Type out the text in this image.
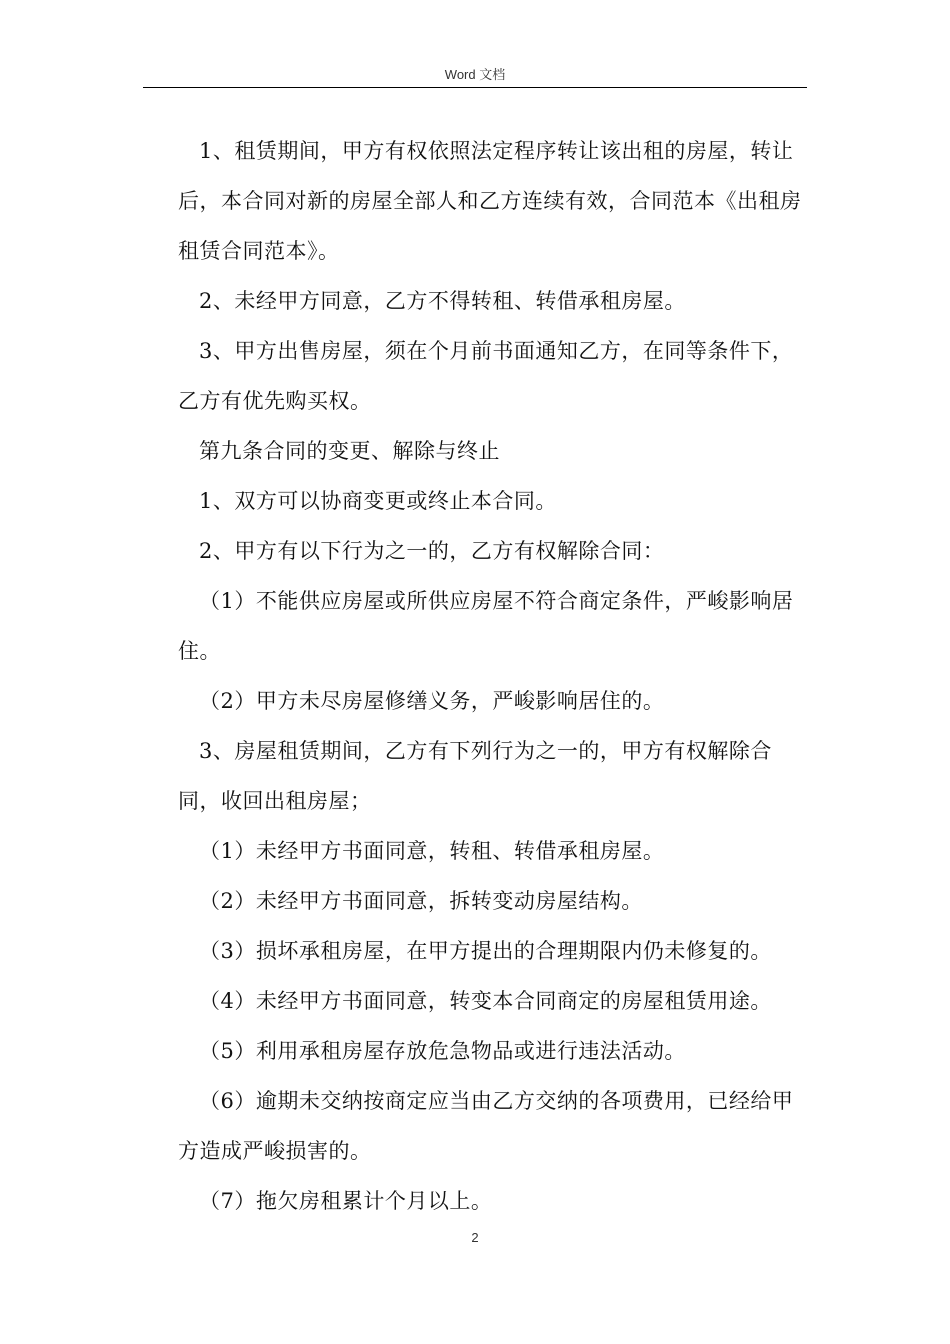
Word 文档

1、租赁期间，甲方有权依照法定程序转让该出租的房屋，转让后，本合同对新的房屋全部人和乙方连续有效，合同范本《出租房租赁合同范本》。

2、未经甲方同意，乙方不得转租、转借承租房屋。

3、甲方出售房屋，须在个月前书面通知乙方，在同等条件下，乙方有优先购买权。

第九条合同的变更、解除与终止

1、双方可以协商变更或终止本合同。

2、甲方有以下行为之一的，乙方有权解除合同：

（1）不能供应房屋或所供应房屋不符合商定条件，严峻影响居住。

（2）甲方未尽房屋修缮义务，严峻影响居住的。

3、房屋租赁期间，乙方有下列行为之一的，甲方有权解除合同，收回出租房屋；

（1）未经甲方书面同意，转租、转借承租房屋。

（2）未经甲方书面同意，拆转变动房屋结构。

（3）损坏承租房屋，在甲方提出的合理期限内仍未修复的。

（4）未经甲方书面同意，转变本合同商定的房屋租赁用途。

（5）利用承租房屋存放危急物品或进行违法活动。

（6）逾期未交纳按商定应当由乙方交纳的各项费用，已经给甲方造成严峻损害的。

（7）拖欠房租累计个月以上。

2
